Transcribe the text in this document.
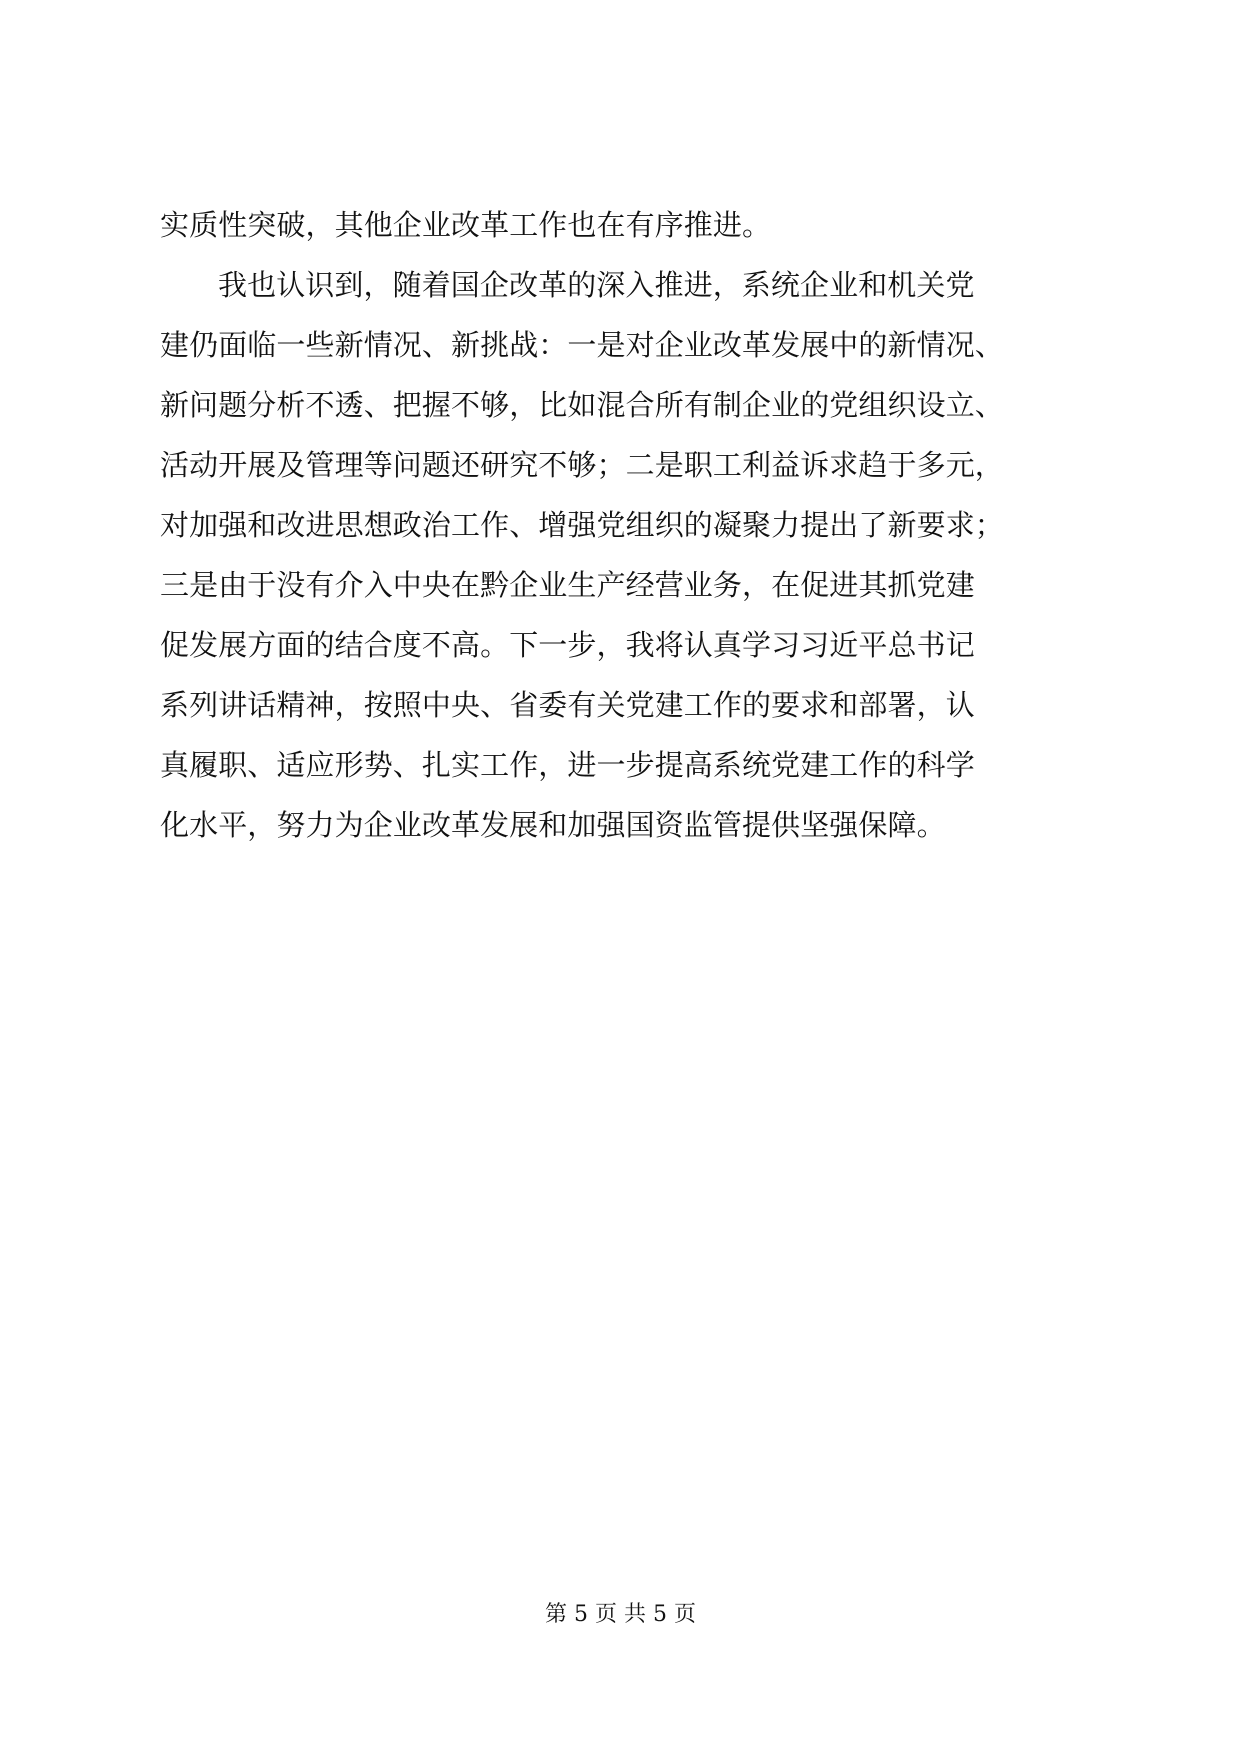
实质性突破，其他企业改革工作也在有序推进。
我也认识到，随着国企改革的深入推进，系统企业和机关党
建仍面临一些新情况、新挑战：一是对企业改革发展中的新情况、
新问题分析不透、把握不够，比如混合所有制企业的党组织设立、
活动开展及管理等问题还研究不够；二是职工利益诉求趋于多元，
对加强和改进思想政治工作、增强党组织的凝聚力提出了新要求；
三是由于没有介入中央在黔企业生产经营业务，在促进其抓党建
促发展方面的结合度不高。下一步，我将认真学习习近平总书记
系列讲话精神，按照中央、省委有关党建工作的要求和部署，认
真履职、适应形势、扎实工作，进一步提高系统党建工作的科学
化水平，努力为企业改革发展和加强国资监管提供坚强保障。
第 5 页 共 5 页
